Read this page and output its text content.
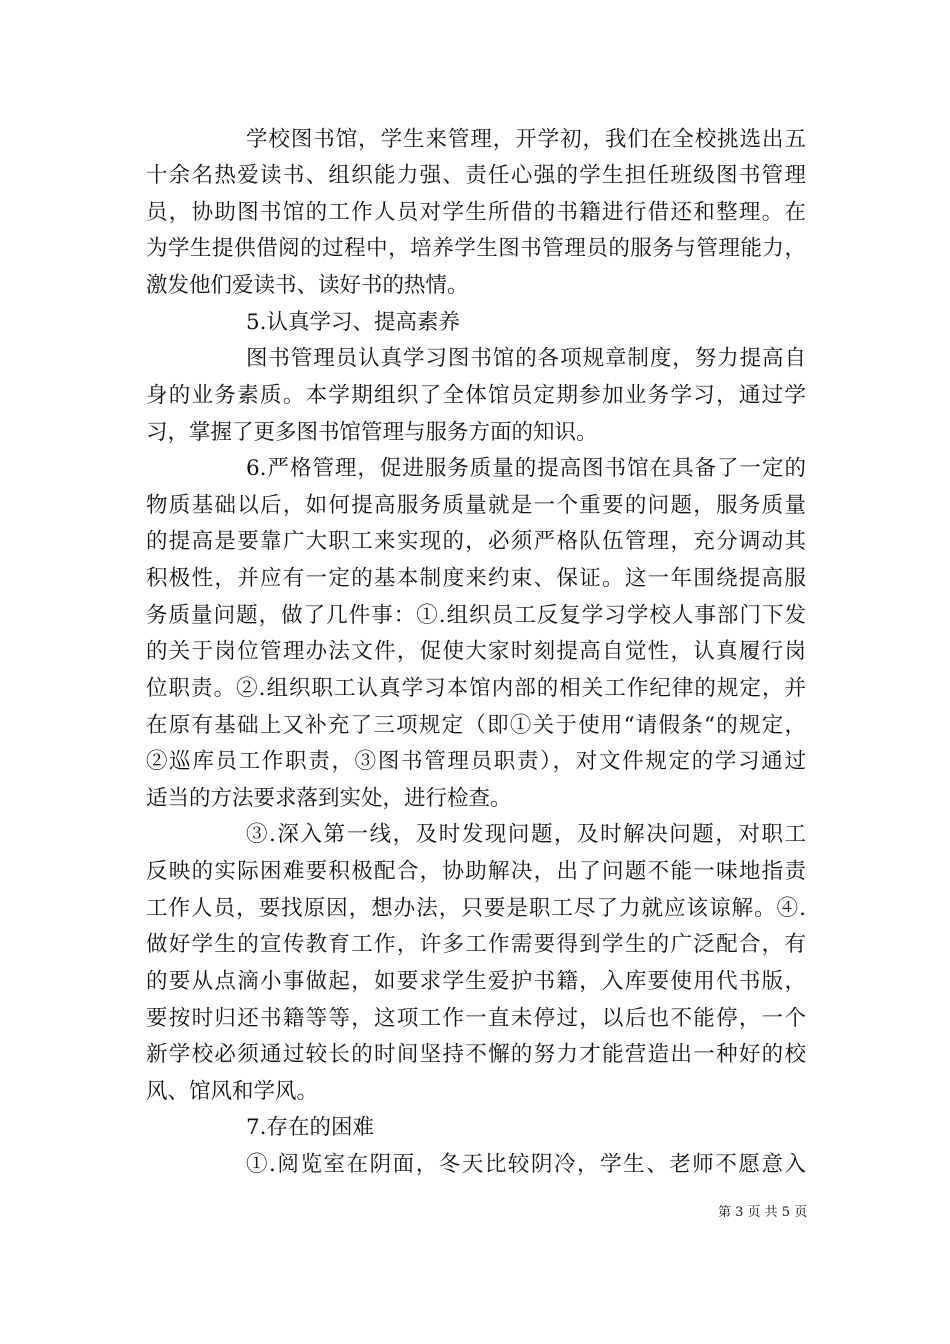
学校图书馆，学生来管理，开学初，我们在全校挑选出五
十余名热爱读书、组织能力强、责任心强的学生担任班级图书管理
员，协助图书馆的工作人员对学生所借的书籍进行借还和整理。在
为学生提供借阅的过程中，培养学生图书管理员的服务与管理能力，
激发他们爱读书、读好书的热情。
5.认真学习、提高素养
图书管理员认真学习图书馆的各项规章制度，努力提高自
身的业务素质。本学期组织了全体馆员定期参加业务学习，通过学
习，掌握了更多图书馆管理与服务方面的知识。
6.严格管理，促进服务质量的提高图书馆在具备了一定的
物质基础以后，如何提高服务质量就是一个重要的问题，服务质量
的提高是要靠广大职工来实现的，必须严格队伍管理，充分调动其
积极性，并应有一定的基本制度来约束、保证。这一年围绕提高服
务质量问题，做了几件事：①.组织员工反复学习学校人事部门下发
的关于岗位管理办法文件，促使大家时刻提高自觉性，认真履行岗
位职责。②.组织职工认真学习本馆内部的相关工作纪律的规定，并
在原有基础上又补充了三项规定（即①关于使用“请假条“的规定，
②巡库员工作职责，③图书管理员职责），对文件规定的学习通过
适当的方法要求落到实处，进行检查。
③.深入第一线，及时发现问题，及时解决问题，对职工
反映的实际困难要积极配合，协助解决，出了问题不能一味地指责
工作人员，要找原因，想办法，只要是职工尽了力就应该谅解。④.
做好学生的宣传教育工作，许多工作需要得到学生的广泛配合，有
的要从点滴小事做起，如要求学生爱护书籍，入库要使用代书版，
要按时归还书籍等等，这项工作一直未停过，以后也不能停，一个
新学校必须通过较长的时间坚持不懈的努力才能营造出一种好的校
风、馆风和学风。
7.存在的困难
①.阅览室在阴面，冬天比较阴冷，学生、老师不愿意入
第 3 页 共 5 页
